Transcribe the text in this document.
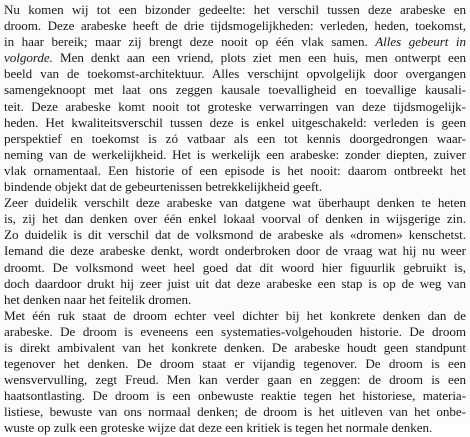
Nu komen wij tot een bizonder gedeelte: het verschil tussen deze arabeske en
droom. Deze arabeske heeft de drie tijdsmogelijkheden: verleden, heden, toekomst,
in haar bereik; maar zij brengt deze nooit op één vlak samen. Alles gebeurt in
volgorde. Men denkt aan een vriend, plots ziet men een huis, men ontwerpt een
beeld van de toekomst-architektuur. Alles verschijnt opvolgelijk door overgangen
samengeknoopt met laat ons zeggen kausale toevalligheid en toevallige kausali-
teit. Deze arabeske komt nooit tot groteske verwarringen van deze tijdsmogelijk-
heden. Het kwaliteitsverschil tussen deze is enkel uitgeschakeld: verleden is geen
perspektief en toekomst is zó vatbaar als een tot kennis doorgedrongen waar-
neming van de werkelijkheid. Het is werkelijk een arabeske: zonder diepten, zuiver
vlak ornamentaal. Een historie of een episode is het nooit: daarom ontbreekt het
bindende objekt dat de gebeurtenissen betrekkelijkheid geeft.
Zeer duidelik verschilt deze arabeske van datgene wat überhaupt denken te heten
is, zij het dan denken over één enkel lokaal voorval of denken in wijsgerige zin.
Zo duidelik is dit verschil dat de volksmond de arabeske als «dromen» kenschetst.
Iemand die deze arabeske denkt, wordt onderbroken door de vraag wat hij nu weer
droomt. De volksmond weet heel goed dat dit woord hier figuurlik gebruikt is,
doch daardoor drukt hij zeer juist uit dat deze arabeske een stap is op de weg van
het denken naar het feitelik dromen.
Met één ruk staat de droom echter veel dichter bij het konkrete denken dan de
arabeske. De droom is eveneens een systematies-volgehouden historie. De droom
is direkt ambivalent van het konkrete denken. De arabeske houdt geen standpunt
tegenover het denken. De droom staat er vijandig tegenover. De droom is een
wensvervulling, zegt Freud. Men kan verder gaan en zeggen: de droom is een
haatsontlasting. De droom is een onbewuste reaktie tegen het historiese, materia-
listiese, bewuste van ons normaal denken; de droom is het uitleven van het onbe-
wuste op zulk een groteske wijze dat deze een kritiek is tegen het normale denken.
